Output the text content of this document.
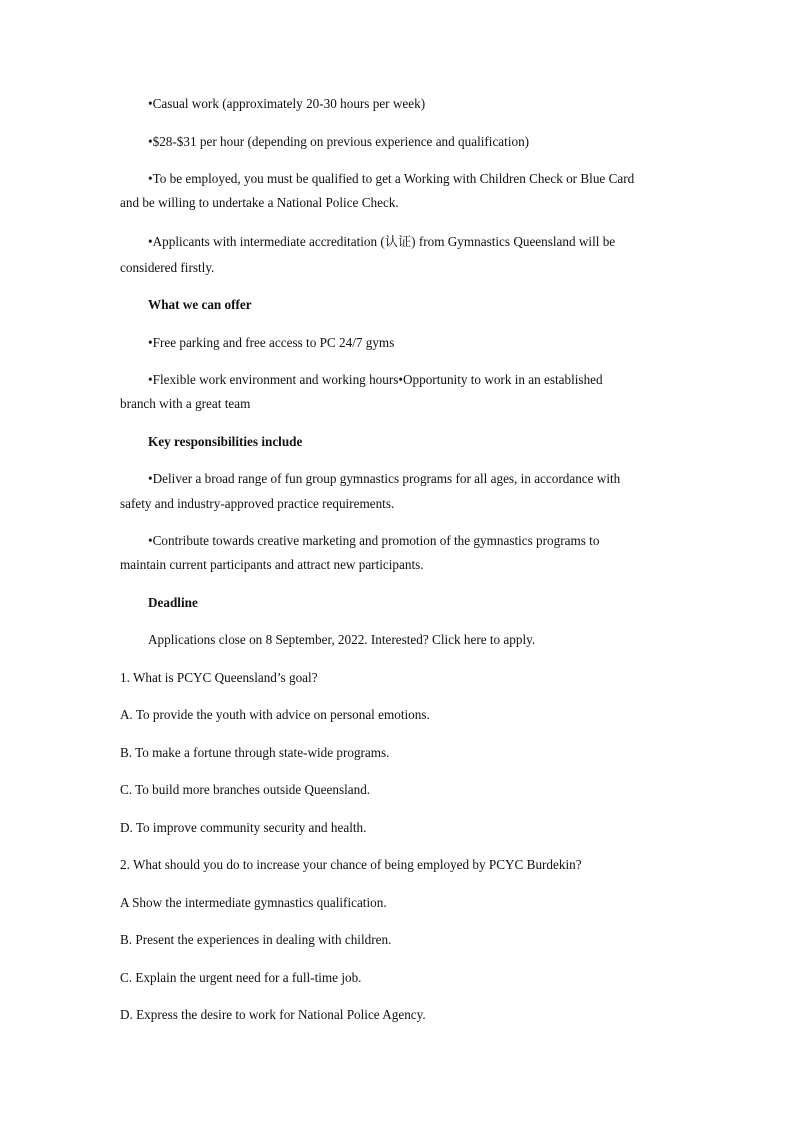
•Casual work (approximately 20-30 hours per week)
•$28-$31 per hour (depending on previous experience and qualification)
•To be employed, you must be qualified to get a Working with Children Check or Blue Card
and be willing to undertake a National Police Check.
•Applicants with intermediate accreditation (认证) from Gymnastics Queensland will be
considered firstly.
What we can offer
•Free parking and free access to PC 24/7 gyms
•Flexible work environment and working hours•Opportunity to work in an established
branch with a great team
Key responsibilities include
•Deliver a broad range of fun group gymnastics programs for all ages, in accordance with
safety and industry-approved practice requirements.
•Contribute towards creative marketing and promotion of the gymnastics programs to
maintain current participants and attract new participants.
Deadline
Applications close on 8 September, 2022. Interested? Click here to apply.
1. What is PCYC Queensland’s goal?
A. To provide the youth with advice on personal emotions.
B. To make a fortune through state-wide programs.
C. To build more branches outside Queensland.
D. To improve community security and health.
2. What should you do to increase your chance of being employed by PCYC Burdekin?
A Show the intermediate gymnastics qualification.
B. Present the experiences in dealing with children.
C. Explain the urgent need for a full-time job.
D. Express the desire to work for National Police Agency.
